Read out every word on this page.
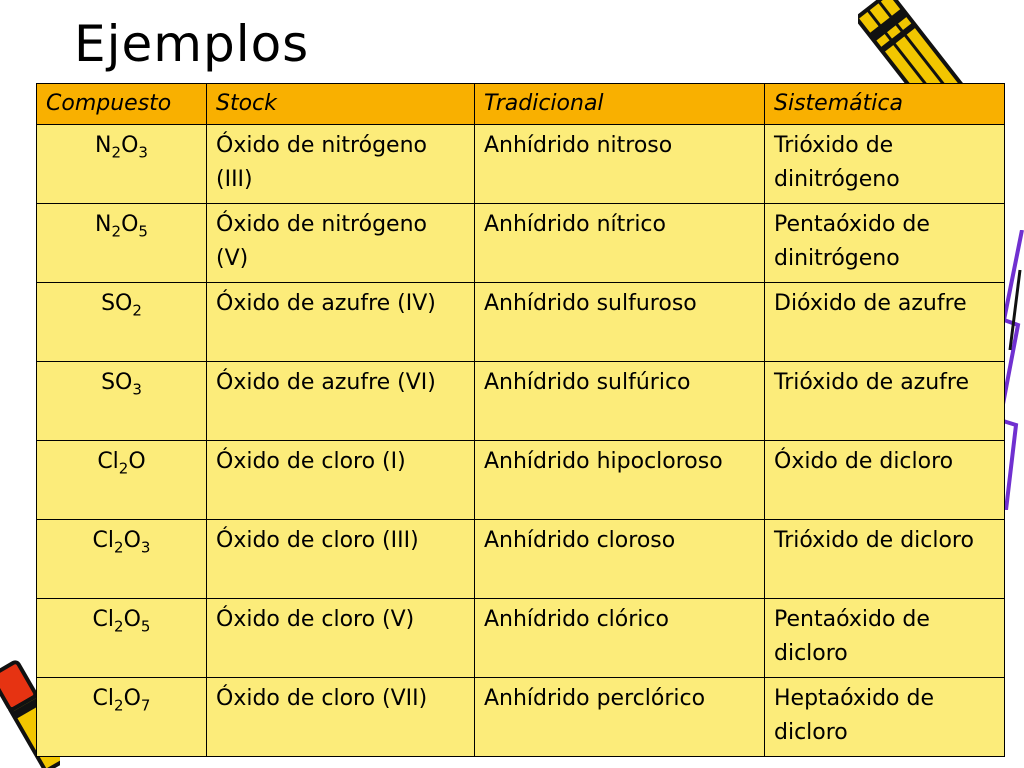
Ejemplos
Compuesto	Stock	Tradicional	Sistemática
$N_2O_3$	Óxido de nitrógeno (III)	Anhídrido nitroso	Trióxido de dinitrógeno
$N_2O_5$	Óxido de nitrógeno (V)	Anhídrido nítrico	Pentaóxido de dinitrógeno
$SO_2$	Óxido de azufre (IV)	Anhídrido sulfuroso	Dióxido de azufre
$SO_3$	Óxido de azufre (VI)	Anhídrido sulfúrico	Trióxido de azufre
$Cl_2O$	Óxido de cloro (I)	Anhídrido hipocloroso	Óxido de dicloro
$Cl_2O_3$	Óxido de cloro (III)	Anhídrido cloroso	Trióxido de dicloro
$Cl_2O_5$	Óxido de cloro (V)	Anhídrido clórico	Pentaóxido de dicloro
$Cl_2O_7$	Óxido de cloro (VII)	Anhídrido perclórico	Heptaóxido de dicloro
